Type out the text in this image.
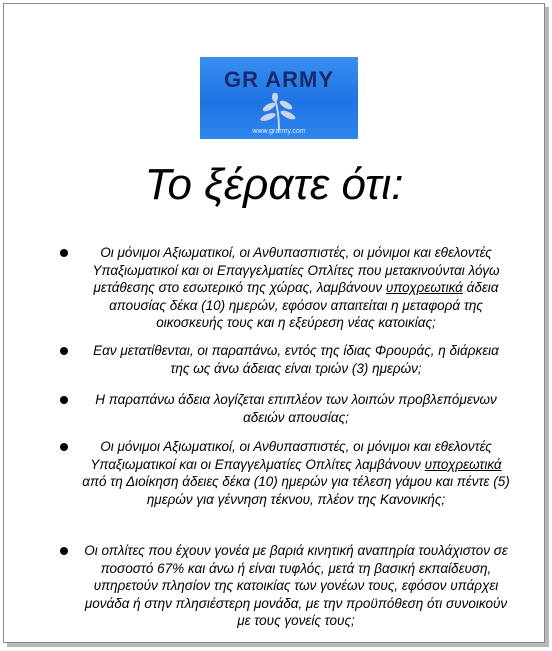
GR ARMY
www.grarmy.com
Το ξέρατε ότι:
Οι μόνιμοι Αξιωματικοί, οι Ανθυπασπιστές, οι μόνιμοι και εθελοντές Υπαξιωματικοί και οι Επαγγελματίες Οπλίτες που μετακινούνται λόγω μετάθεσης στο εσωτερικό της χώρας, λαμβάνουν υποχρεωτικά άδεια απουσίας δέκα (10) ημερών, εφόσον απαιτείται η μεταφορά της οικοσκευής τους και η εξεύρεση νέας κατοικίας;
Εαν μετατίθενται, οι παραπάνω, εντός της ίδιας Φρουράς, η διάρκεια της ως άνω άδειας είναι τριών (3) ημερών;
Η παραπάνω άδεια λογίζεται επιπλέον των λοιπών προβλεπόμενων αδειών απουσίας;
Οι μόνιμοι Αξιωματικοί, οι Ανθυπασπιστές, οι μόνιμοι και εθελοντές Υπαξιωματικοί και οι Επαγγελματίες Οπλίτες λαμβάνουν υποχρεωτικά από τη Διοίκηση άδειες δέκα (10) ημερών για τέλεση γάμου και πέντε (5) ημερών για γέννηση τέκνου, πλέον της Κανονικής;
Οι οπλίτες που έχουν γονέα με βαριά κινητική αναπηρία τουλάχιστον σε ποσοστό 67% και άνω ή είναι τυφλός, μετά τη βασική εκπαίδευση, υπηρετούν πλησίον της κατοικίας των γονέων τους, εφόσον υπάρχει μονάδα ή στην πλησιέστερη μονάδα, με την προϋπόθεση ότι συνοικούν με τους γονείς τους;
